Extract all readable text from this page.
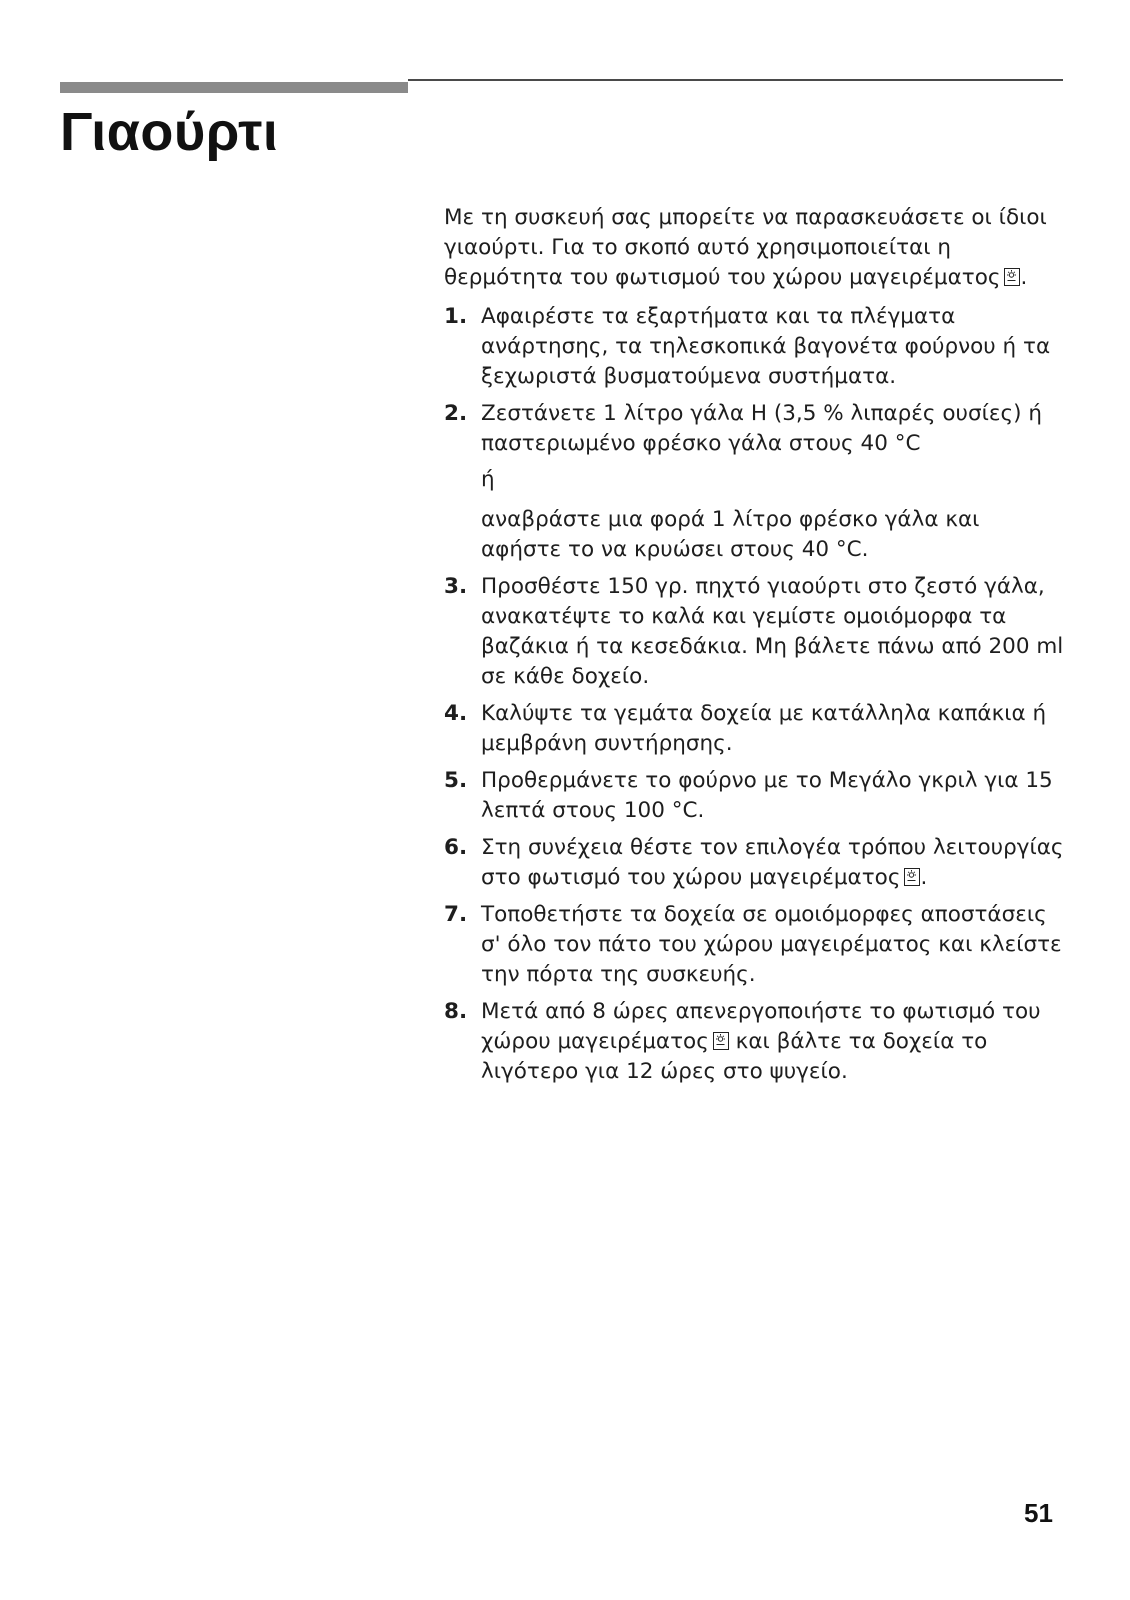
Γιαούρτι

Με τη συσκευή σας μπορείτε να παρασκευάσετε οι ίδιοι γιαούρτι. Για το σκοπό αυτό χρησιμοποιείται η θερμότητα του φωτισμού του χώρου μαγειρέματος .

1. Αφαιρέστε τα εξαρτήματα και τα πλέγματα ανάρτησης, τα τηλεσκοπικά βαγονέτα φούρνου ή τα ξεχωριστά βυσματούμενα συστήματα.

2. Ζεστάνετε 1 λίτρο γάλα Η (3,5 % λιπαρές ουσίες) ή παστεριωμένο φρέσκο γάλα στους 40 °C

ή

αναβράστε μια φορά 1 λίτρο φρέσκο γάλα και αφήστε το να κρυώσει στους 40 °C.

3. Προσθέστε 150 γρ. πηχτό γιαούρτι στο ζεστό γάλα, ανακατέψτε το καλά και γεμίστε ομοιόμορφα τα βαζάκια ή τα κεσεδάκια. Μη βάλετε πάνω από 200 ml σε κάθε δοχείο.

4. Καλύψτε τα γεμάτα δοχεία με κατάλληλα καπάκια ή μεμβράνη συντήρησης.

5. Προθερμάνετε το φούρνο με το Μεγάλο γκριλ για 15 λεπτά στους 100 °C.

6. Στη συνέχεια θέστε τον επιλογέα τρόπου λειτουργίας στο φωτισμό του χώρου μαγειρέματος .

7. Τοποθετήστε τα δοχεία σε ομοιόμορφες αποστάσεις σ' όλο τον πάτο του χώρου μαγειρέματος και κλείστε την πόρτα της συσκευής.

8. Μετά από 8 ώρες απενεργοποιήστε το φωτισμό του χώρου μαγειρέματος και βάλτε τα δοχεία το λιγότερο για 12 ώρες στο ψυγείο.

51
